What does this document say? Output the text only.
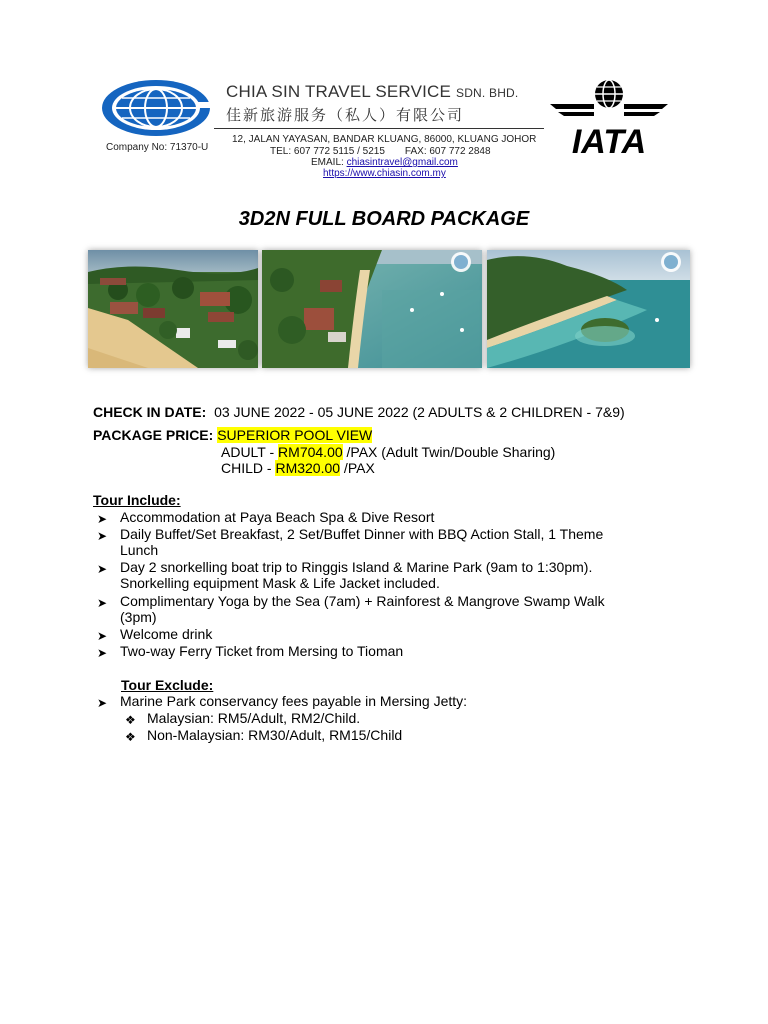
Company No: 71370-U
CHIA SIN TRAVEL SERVICE SDN. BHD.
佳新旅游服务（私人）有限公司
12, JALAN YAYASAN, BANDAR KLUANG, 86000, KLUANG JOHOR
TEL: 607 772 5115 / 5215 FAX: 607 772 2848
EMAIL: chiasintravel@gmail.com
https://www.chiasin.com.my
IATA
3D2N FULL BOARD PACKAGE
CHECK IN DATE: 03 JUNE 2022 - 05 JUNE 2022 (2 ADULTS & 2 CHILDREN - 7&9)
PACKAGE PRICE: SUPERIOR POOL VIEW
ADULT - RM704.00 /PAX (Adult Twin/Double Sharing)
CHILD - RM320.00 /PAX
Tour Include:
➤ Accommodation at Paya Beach Spa & Dive Resort
➤ Daily Buffet/Set Breakfast, 2 Set/Buffet Dinner with BBQ Action Stall, 1 Theme
Lunch
➤ Day 2 snorkelling boat trip to Ringgis Island & Marine Park (9am to 1:30pm).
Snorkelling equipment Mask & Life Jacket included.
➤ Complimentary Yoga by the Sea (7am) + Rainforest & Mangrove Swamp Walk
(3pm)
➤ Welcome drink
➤ Two-way Ferry Ticket from Mersing to Tioman
Tour Exclude:
➤ Marine Park conservancy fees payable in Mersing Jetty:
❖ Malaysian: RM5/Adult, RM2/Child.
❖ Non-Malaysian: RM30/Adult, RM15/Child
